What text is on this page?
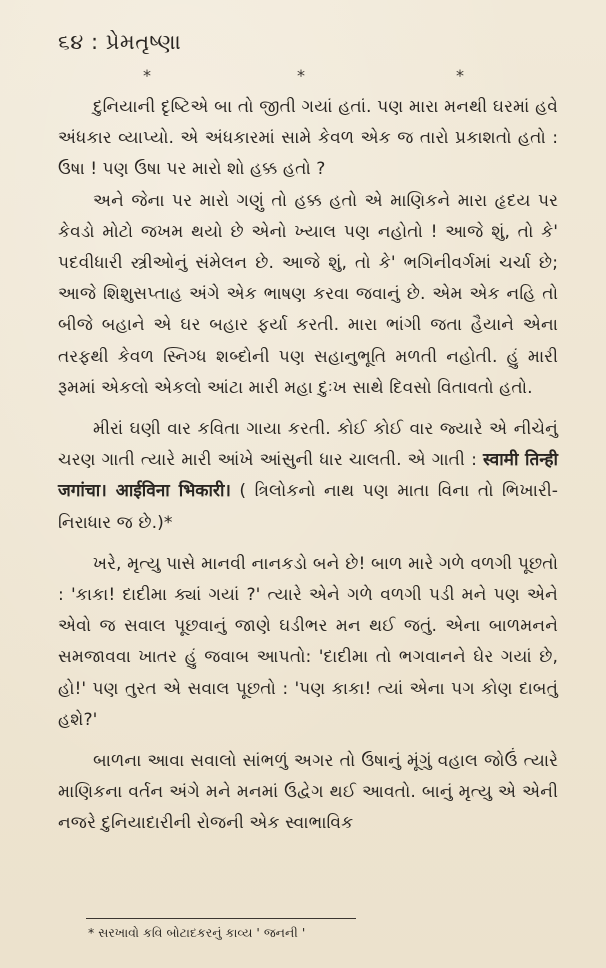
૬૪ : પ્રેમતૃષ્ણા
*	*	*

દુનિયાની દૃષ્ટિએ બા તો જીતી ગયાં હતાં. પણ મારા મનથી ઘરમાં હવે અંધકાર વ્યાપ્યો. એ અંધકારમાં સામે કેવળ એક જ તારો પ્રકાશતો હતો : ઉષા ! પણ ઉષા પર મારો શો હક્ક હતો ?

અને જેના પર મારો ગણું તો હક્ક હતો એ માણિકને મારા હૃદય પર કેવડો મોટો જખમ થયો છે એનો ખ્યાલ પણ નહોતો ! આજે શું, તો કે' પદવીધારી સ્ત્રીઓનું સંમેલન છે. આજે શું, તો કે' ભગિનીવર્ગમાં ચર્ચા છે; આજે શિશુસપ્તાહ અંગે એક ભાષણ કરવા જવાનું છે. એમ એક નહિ તો બીજે બહાને એ ઘર બહાર ફર્યા કરતી. મારા ભાંગી જતા હૈયાને એના તરફથી કેવળ સ્નિગ્ધ શબ્દોની પણ સહાનુભૂતિ મળતી નહોતી. હું મારી રૂમમાં એકલો એકલો આંટા મારી મહા દુઃખ સાથે દિવસો વિતાવતો હતો.

મીરાં ઘણી વાર કવિતા ગાયા કરતી. કોઈ કોઈ વાર જ્યારે એ નીચેનું ચરણ ગાતી ત્યારે મારી આંખે આંસુની ધાર ચાલતી. એ ગાતી : स्वामी तिन्ही जगांचा। आईविना भिकारी। ( ત્રિલોકનો નાથ પણ માતા વિના તો ભિખારી-નિરાધાર જ છે.)*

ખરે, મૃત્યુ પાસે માનવી નાનકડો બને છે! બાળ મારે ગળે વળગી પૂછતો : 'કાકા! દાદીમા ક્યાં ગયાં ?' ત્યારે એને ગળે વળગી પડી મને પણ એને એવો જ સવાલ પૂછવાનું જાણે ઘડીભર મન થઈ જતું. એના બાળમનને સમજાવવા ખાતર હું જવાબ આપતો: 'દાદીમા તો ભગવાનને ઘેર ગયાં છે, હો!' પણ તુરત એ સવાલ પૂછતો : 'પણ કાકા! ત્યાં એના પગ કોણ દાબતું હશે?'

બાળના આવા સવાલો સાંભળું અગર તો ઉષાનું મૂંગું વહાલ જોઉં ત્યારે માણિકના વર્તન અંગે મને મનમાં ઉદ્વેગ થઈ આવતો. બાનું મૃત્યુ એ એની નજરે દુનિયાદારીની રોજની એક સ્વાભાવિક

* સરખાવો કવિ બોટાદકરનું કાવ્ય ' જનની '
